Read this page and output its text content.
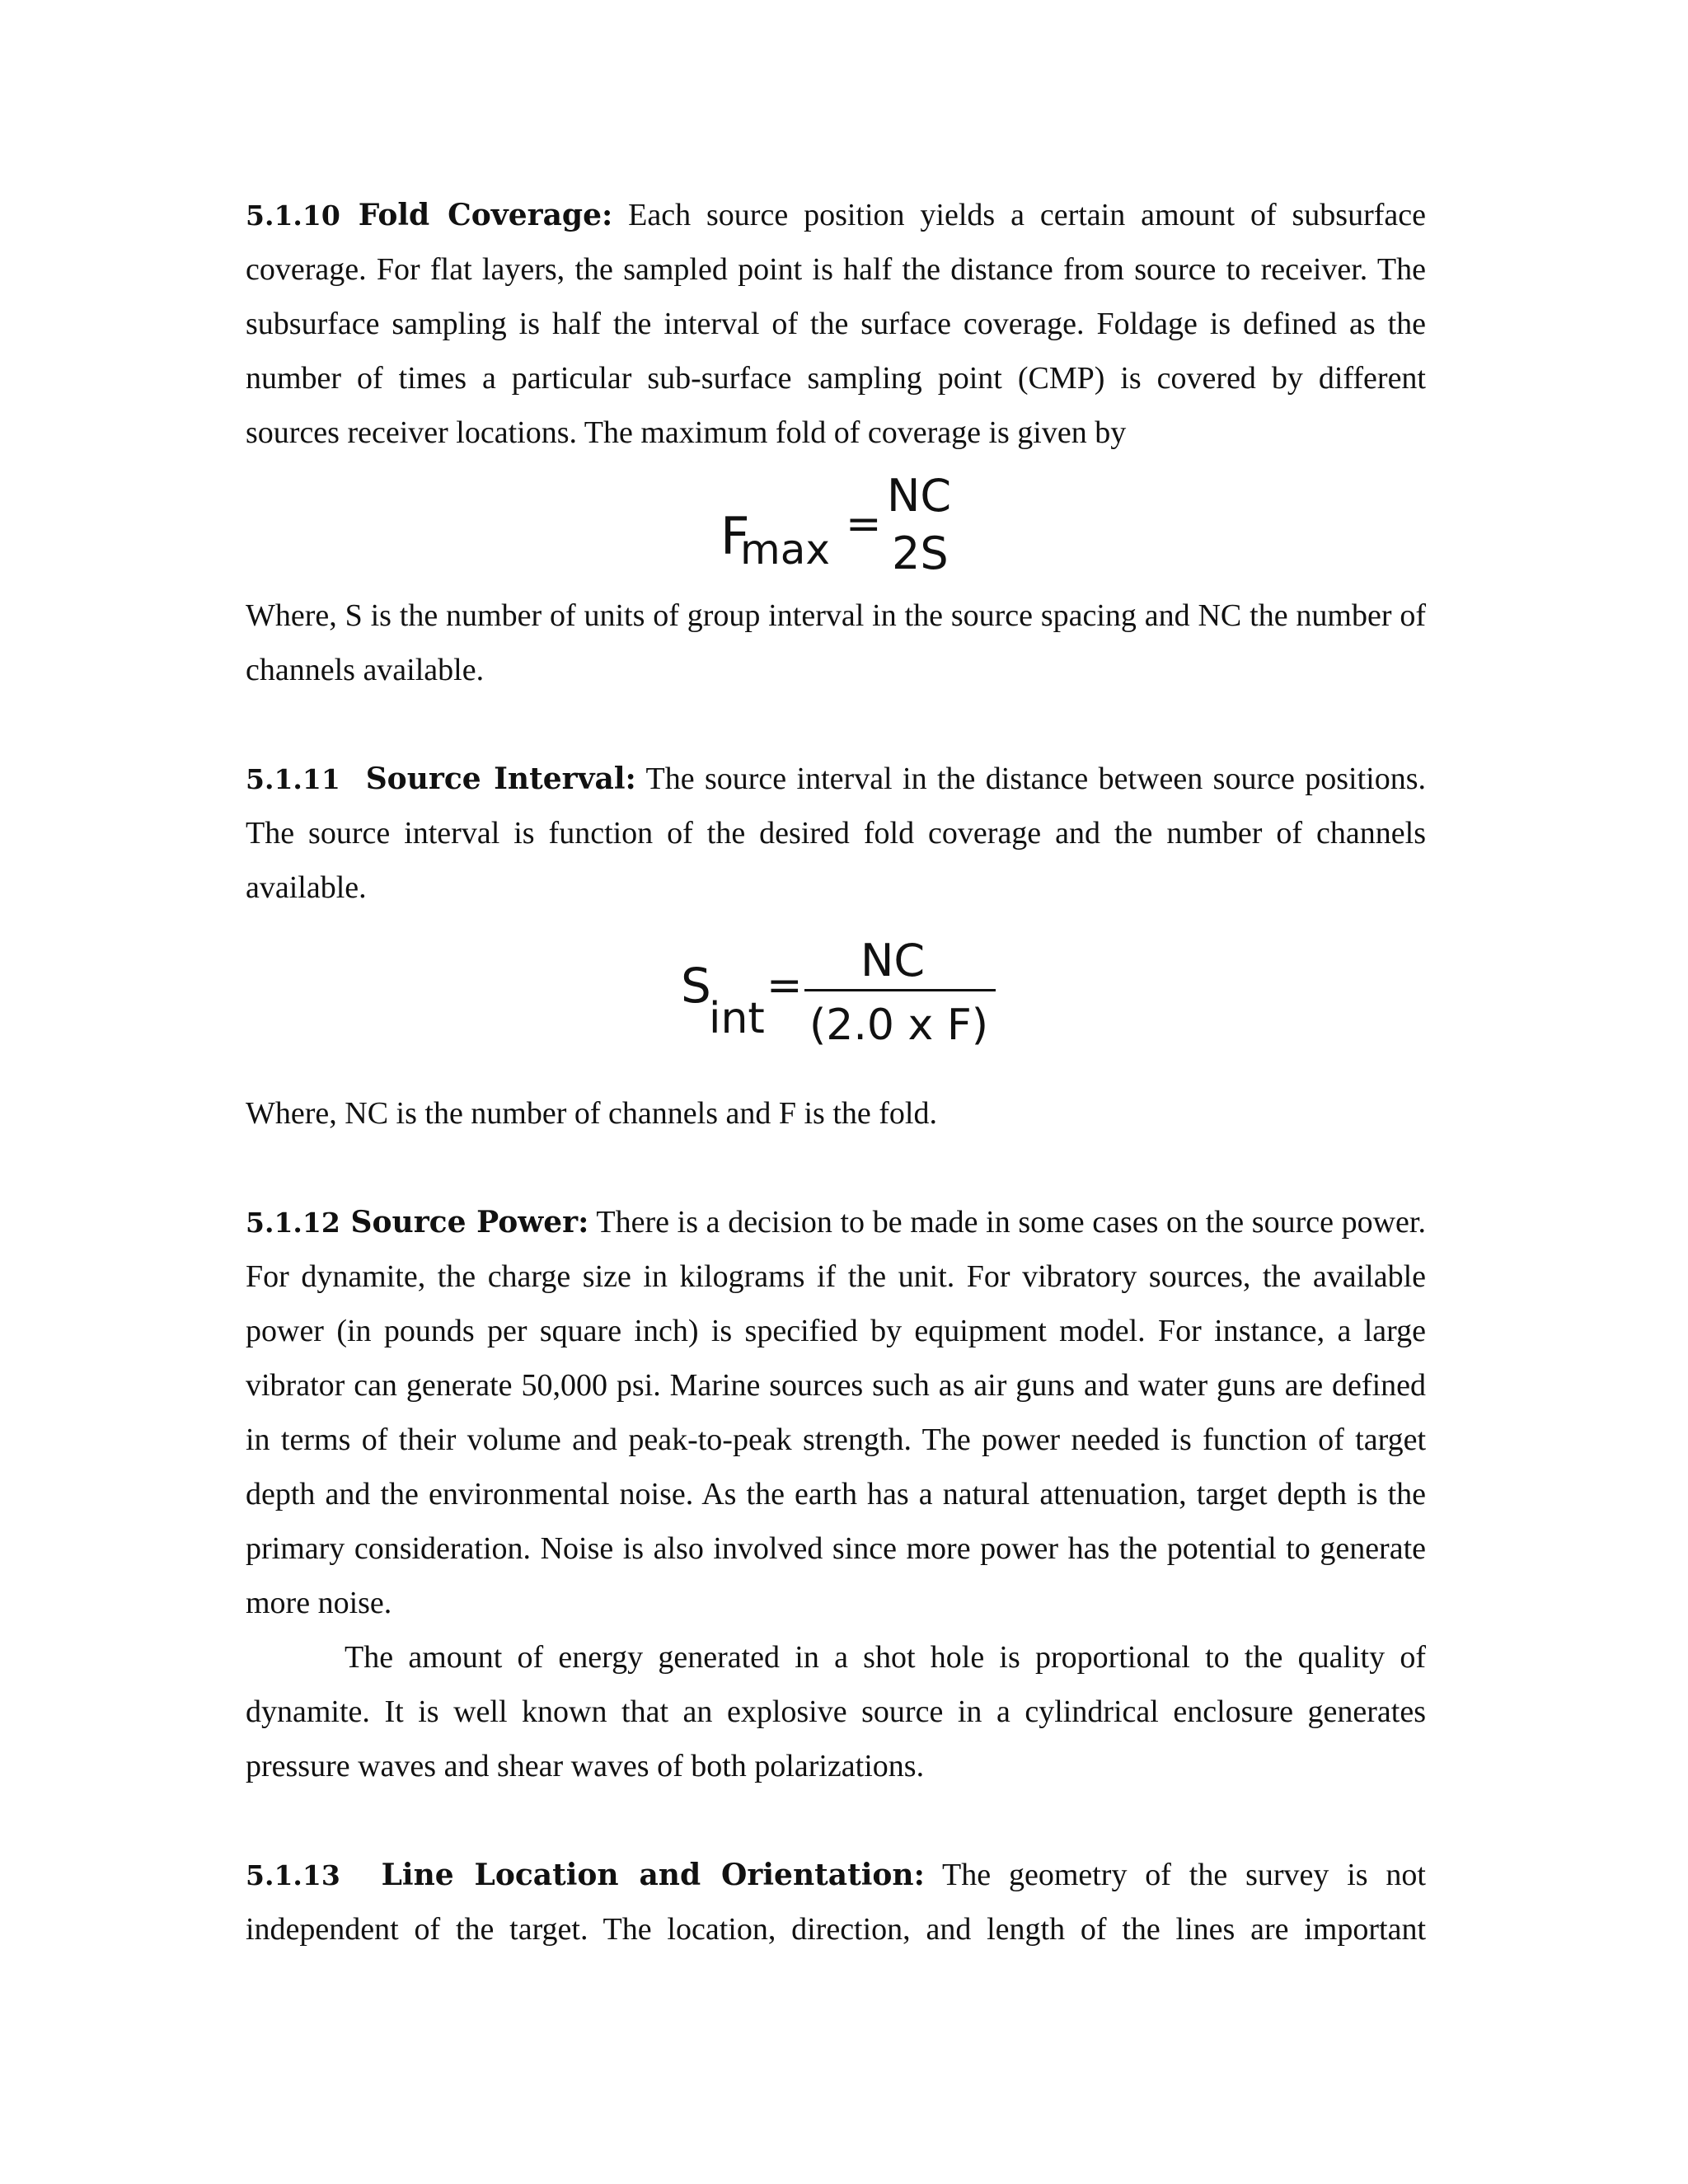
5.1.10 Fold Coverage: Each source position yields a certain amount of subsurface

coverage. For flat layers, the sampled point is half the distance from source to receiver. The

subsurface sampling is half the interval of the surface coverage. Foldage is defined as the

number of times a particular sub-surface sampling point (CMP) is covered by different

sources receiver locations. The maximum fold of coverage is given by

F
max
=
NC
2S

Where, S is the number of units of group interval in the source spacing and NC the number of

channels available.

5.1.11 Source Interval: The source interval in the distance between source positions.

The source interval is function of the desired fold coverage and the number of channels

available.

S
int
= NC
(2.0 x F)

Where, NC is the number of channels and F is the fold.

5.1.12 Source Power: There is a decision to be made in some cases on the source power.

For dynamite, the charge size in kilograms if the unit. For vibratory sources, the available

power (in pounds per square inch) is specified by equipment model. For instance, a large

vibrator can generate 50,000 psi. Marine sources such as air guns and water guns are defined

in terms of their volume and peak-to-peak strength. The power needed is function of target

depth and the environmental noise. As the earth has a natural attenuation, target depth is the

primary consideration. Noise is also involved since more power has the potential to generate

more noise.

The amount of energy generated in a shot hole is proportional to the quality of

dynamite. It is well known that an explosive source in a cylindrical enclosure generates

pressure waves and shear waves of both polarizations.

5.1.13 Line Location and Orientation: The geometry of the survey is not

independent of the target. The location, direction, and length of the lines are important
